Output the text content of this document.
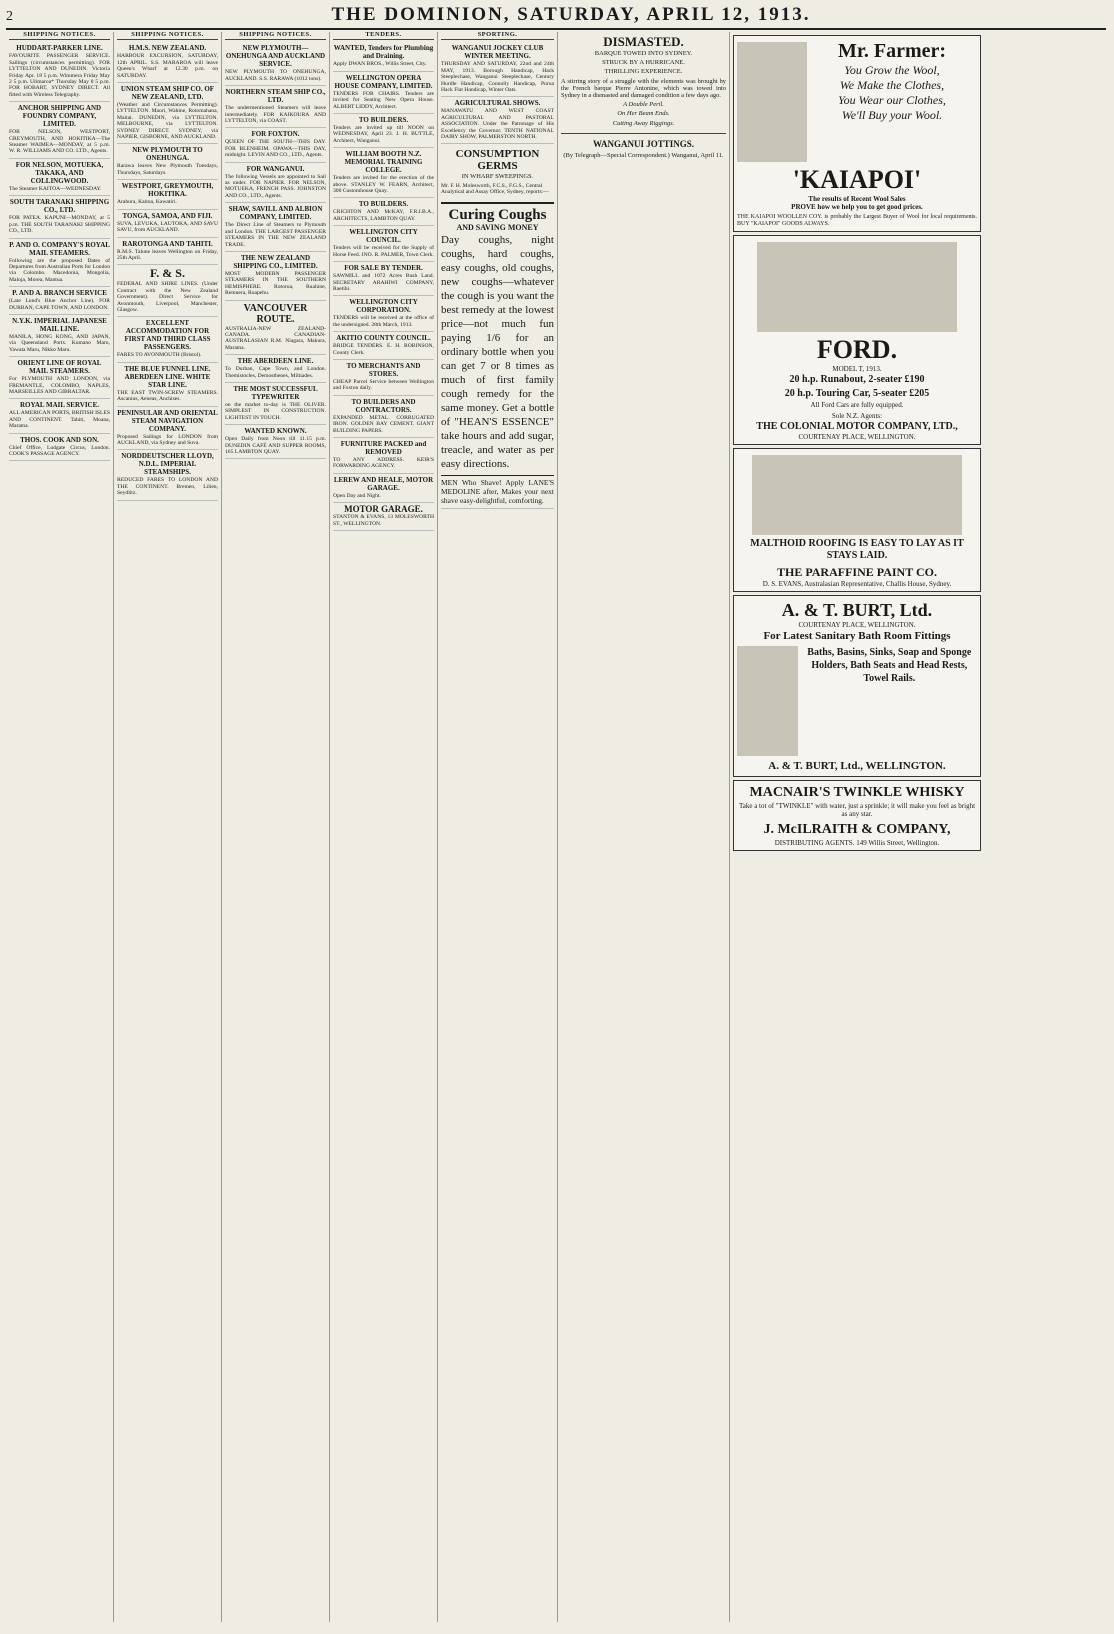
2	THE DOMINION, SATURDAY, APRIL 12, 1913.
SHIPPING NOTICES.
HUDDART-PARKER LINE.
FAVOURITE PASSENGER SERVICE. Sailings (circumstances permitting). FOR LYTTELTON AND DUNEDIN. Victoria Friday Apr. 18 5 p.m. Wimmera Friday May 2 5 p.m. Ulimaroa* Thursday May 8 5 p.m. FOR HOBART, SYDNEY DIRECT. All fitted with Wireless Telegraphy.
ANCHOR SHIPPING AND FOUNDRY COMPANY, LIMITED.
FOR NELSON, WESTPORT, GREYMOUTH, AND HOKITIKA—The Steamer WAIMEA—MONDAY, at 5 p.m. W. R. WILLIAMS AND CO. LTD., Agents.
FOR NELSON, MOTUEKA, TAKAKA, AND COLLINGWOOD.
The Steamer KAITOA—WEDNESDAY.
SOUTH TARANAKI SHIPPING CO., LTD.
FOR PATEA. KAPUNI—MONDAY, at 5 p.m. THE SOUTH TARANAKI SHIPPING CO., LTD.
P. AND O. COMPANY'S ROYAL MAIL STEAMERS.
Following are the proposed Dates of Departures from Australian Ports for London via Colombo. Macedonia, Mongolia, Maloja, Morea, Mantua.
P. AND A. BRANCH SERVICE
(Late Lund's Blue Anchor Line). FOR DURBAN, CAPE TOWN, AND LONDON.
N.Y.K. IMPERIAL JAPANESE MAIL LINE.
MANILA, HONG KONG, AND JAPAN, via Queensland Ports. Kumano Maru, Yawata Maru, Nikko Maru.
ORIENT LINE OF ROYAL MAIL STEAMERS.
For PLYMOUTH AND LONDON, via FREMANTLE, COLOMBO, NAPLES, MARSEILLES AND GIBRALTAR.
ROYAL MAIL SERVICE.
ALL AMERICAN PORTS, BRITISH ISLES AND CONTINENT. Tahiti, Moana, Marama.
THOS. COOK AND SON.
Chief Office, Ludgate Circus, London. COOK'S PASSAGE AGENCY.
SHIPPING NOTICES.
H.M.S. NEW ZEALAND.
HARBOUR EXCURSION, SATURDAY, 12th APRIL. S.S. MARAROA will leave Queen's Wharf at 12.30 p.m. on SATURDAY.
UNION STEAM SHIP CO. OF NEW ZEALAND, LTD.
(Weather and Circumstances Permitting). LYTTELTON. Maori, Wahine, Rotomahana, Maitai. DUNEDIN, via LYTTELTON. MELBOURNE, via LYTTELTON. SYDNEY DIRECT. SYDNEY, via NAPIER, GISBORNE, AND AUCKLAND.
NEW PLYMOUTH TO ONEHUNGA.
Rarawa leaves New Plymouth Tuesdays, Thursdays, Saturdays.
WESTPORT, GREYMOUTH, HOKITIKA.
Arahura, Kaitoa, Kawatiri.
TONGA, SAMOA, AND FIJI.
SUVA, LEVUKA, LAUTOKA, AND SAVU SAVU, from AUCKLAND.
RAROTONGA AND TAHITI.
R.M.S. Talune leaves Wellington on Friday, 25th April.
F. & S.
FEDERAL AND SHIRE LINES. (Under Contract with the New Zealand Government). Direct Service for Avonmouth, Liverpool, Manchester, Glasgow.
EXCELLENT ACCOMMODATION FOR FIRST AND THIRD CLASS PASSENGERS.
FARES TO AVONMOUTH (Bristol).
THE BLUE FUNNEL LINE. ABERDEEN LINE. WHITE STAR LINE.
THE EAST TWIN-SCREW STEAMERS. Ascanius, Aeneas, Anchises.
PENINSULAR AND ORIENTAL STEAM NAVIGATION COMPANY.
Proposed Sailings for LONDON from AUCKLAND, via Sydney and Suva.
NORDDEUTSCHER LLOYD, N.D.L. IMPERIAL STEAMSHIPS.
REDUCED FARES TO LONDON AND THE CONTINENT. Bremen, Lilien, Seydlitz.
SHIPPING NOTICES.
NEW PLYMOUTH—ONEHUNGA AND AUCKLAND SERVICE.
NEW PLYMOUTH TO ONEHUNGA, AUCKLAND. S.S. RARAWA (1012 tons).
NORTHERN STEAM SHIP CO., LTD.
The undermentioned Steamers will leave intermediately. FOR KAIKOURA AND LYTTELTON, via COAST.
FOR FOXTON.
QUEEN OF THE SOUTH—THIS DAY. FOR BLENHEIM. OPAWA—THIS DAY, midnight. LEVIN AND CO., LTD., Agents.
FOR WANGANUI.
The following Vessels are appointed to Sail as under. FOR NAPIER. FOR NELSON, MOTUEKA, FRENCH PASS. JOHNSTON AND CO., LTD., Agents.
SHAW, SAVILL AND ALBION COMPANY, LIMITED.
The Direct Line of Steamers to Plymouth and London. THE LARGEST PASSENGER STEAMERS IN THE NEW ZEALAND TRADE.
THE NEW ZEALAND SHIPPING CO., LIMITED.
MOST MODERN PASSENGER STEAMERS IN THE SOUTHERN HEMISPHERE. Rotorua, Ruahine, Remuera, Ruapehu.
VANCOUVER ROUTE.
AUSTRALIA-NEW ZEALAND-CANADA. CANADIAN-AUSTRALASIAN R.M. Niagara, Makura, Marama.
THE ABERDEEN LINE.
To Durban, Cape Town, and London. Themistocles, Demosthenes, Miltiades.
THE MOST SUCCESSFUL TYPEWRITER
on the market to-day is THE OLIVER. SIMPLEST IN CONSTRUCTION. LIGHTEST IN TOUCH.
WANTED KNOWN.
Open Daily from Noon till 11.15 p.m. DUNEDIN CAFÉ AND SUPPER ROOMS, 165 LAMBTON QUAY.
TENDERS.
WANTED, Tenders for Plumbing and Draining.
Apply DWAN BROS., Willis Street, City.
WELLINGTON OPERA HOUSE COMPANY, LIMITED.
TENDERS FOR CHAIRS. Tenders are invited for Seating New Opera House. ALBERT LIDDY, Architect.
TO BUILDERS.
Tenders are invited up till NOON on WEDNESDAY, April 23. J. H. BUTTLE, Architect, Wanganui.
WILLIAM BOOTH N.Z. MEMORIAL TRAINING COLLEGE.
Tenders are invited for the erection of the above. STANLEY W. FEARN, Architect, 300 Customhouse Quay.
TO BUILDERS.
CRICHTON AND McKAY, F.R.I.B.A., ARCHITECTS, LAMBTON QUAY.
WELLINGTON CITY COUNCIL.
Tenders will be received for the Supply of Horse Feed. JNO. R. PALMER, Town Clerk.
FOR SALE BY TENDER.
SAWMILL and 1072 Acres Bush Land. SECRETARY ARAHIWI COMPANY, Raetihi.
WELLINGTON CITY CORPORATION.
TENDERS will be received at the office of the undersigned. 28th March, 1913.
AKITIO COUNTY COUNCIL.
BRIDGE TENDERS. E. H. ROBINSON, County Clerk.
TO MERCHANTS AND STORES.
CHEAP Parcel Service between Wellington and Foxton daily.
TO BUILDERS AND CONTRACTORS.
EXPANDED METAL. CORRUGATED IRON. GOLDEN BAY CEMENT. GIANT BUILDING PAPERS.
FURNITURE PACKED and REMOVED
TO ANY ADDRESS. KEIR'S FORWARDING AGENCY.
LEREW AND HEALE, MOTOR GARAGE.
Open Day and Night.
MOTOR GARAGE.
STANTON & EVANS, 13 MOLESWORTH ST., WELLINGTON.
SPORTING.
WANGANUI JOCKEY CLUB WINTER MEETING.
THURSDAY AND SATURDAY, 22nd and 24th MAY, 1913. Borough Handicap, Hack Steeplechase, Wanganui Steeplechase, Century Hurdle Handicap, Connolly Handicap, Purua Hack Flat Handicap, Winter Oats.
AGRICULTURAL SHOWS.
MANAWATU AND WEST COAST AGRICULTURAL AND PASTORAL ASSOCIATION. Under the Patronage of His Excellency the Governor. TENTH NATIONAL DAIRY SHOW, PALMERSTON NORTH.
CONSUMPTION GERMS
IN WHARF SWEEPINGS.
Mr. F. H. Molesworth, F.C.S., F.G.S., Central Analytical and Assay Office, Sydney, reports:—
Curing Coughs
AND SAVING MONEY
Day coughs, night coughs, hard coughs, easy coughs, old coughs, new coughs—whatever the cough is you want the best remedy at the lowest price—not much fun paying 1/6 for an ordinary bottle when you can get 7 or 8 times as much of first family cough remedy for the same money. Get a bottle of "HEAN'S ESSENCE" take hours and add sugar, treacle, and water as per easy directions.
MEN Who Shave! Apply LANE'S MEDOLINE after, Makes your next shave easy-delightful, comforting.
DISMASTED.
BARQUE TOWED INTO SYDNEY.
STRUCK BY A HURRICANE.
THRILLING EXPERIENCE.
A stirring story of a struggle with the elements was brought by the French barque Pierre Antonine, which was towed into Sydney in a dismasted and damaged condition a few days ago.
A Double Peril.
On Her Beam Ends.
Cutting Away Riggings.
WANGANUI JOTTINGS.
(By Telegraph—Special Correspondent.) Wanganui, April 11.
Mr. Farmer:
You Grow the Wool,
We Make the Clothes,
You Wear our Clothes,
We'll Buy your Wool.
'KAIAPOI'
The results of Recent Wool Sales
PROVE how we help you to get good prices.
THE KAIAPOI WOOLLEN COY. is probably the Largest Buyer of Wool for local requirements. BUY "KAIAPOI" GOODS ALWAYS.
FORD.
MODEL T, 1913.
20 h.p. Runabout, 2-seater £190
20 h.p. Touring Car, 5-seater £205
All Ford Cars are fully equipped.
Sole N.Z. Agents:
THE COLONIAL MOTOR COMPANY, LTD.,
COURTENAY PLACE, WELLINGTON.
MALTHOID ROOFING IS EASY TO LAY AS IT STAYS LAID.
THE PARAFFINE PAINT CO.
D. S. EVANS, Australasian Representative, Challis House, Sydney.
A. & T. BURT, Ltd.
COURTENAY PLACE, WELLINGTON.
For Latest Sanitary Bath Room Fittings
Baths, Basins, Sinks, Soap and Sponge Holders, Bath Seats and Head Rests, Towel Rails.
A. & T. BURT, Ltd., WELLINGTON.
MACNAIR'S TWINKLE WHISKY
Take a tot of "TWINKLE" with water, just a sprinkle; it will make you feel as bright as any star.
J. McILRAITH & COMPANY,
DISTRIBUTING AGENTS. 149 Willis Street, Wellington.
